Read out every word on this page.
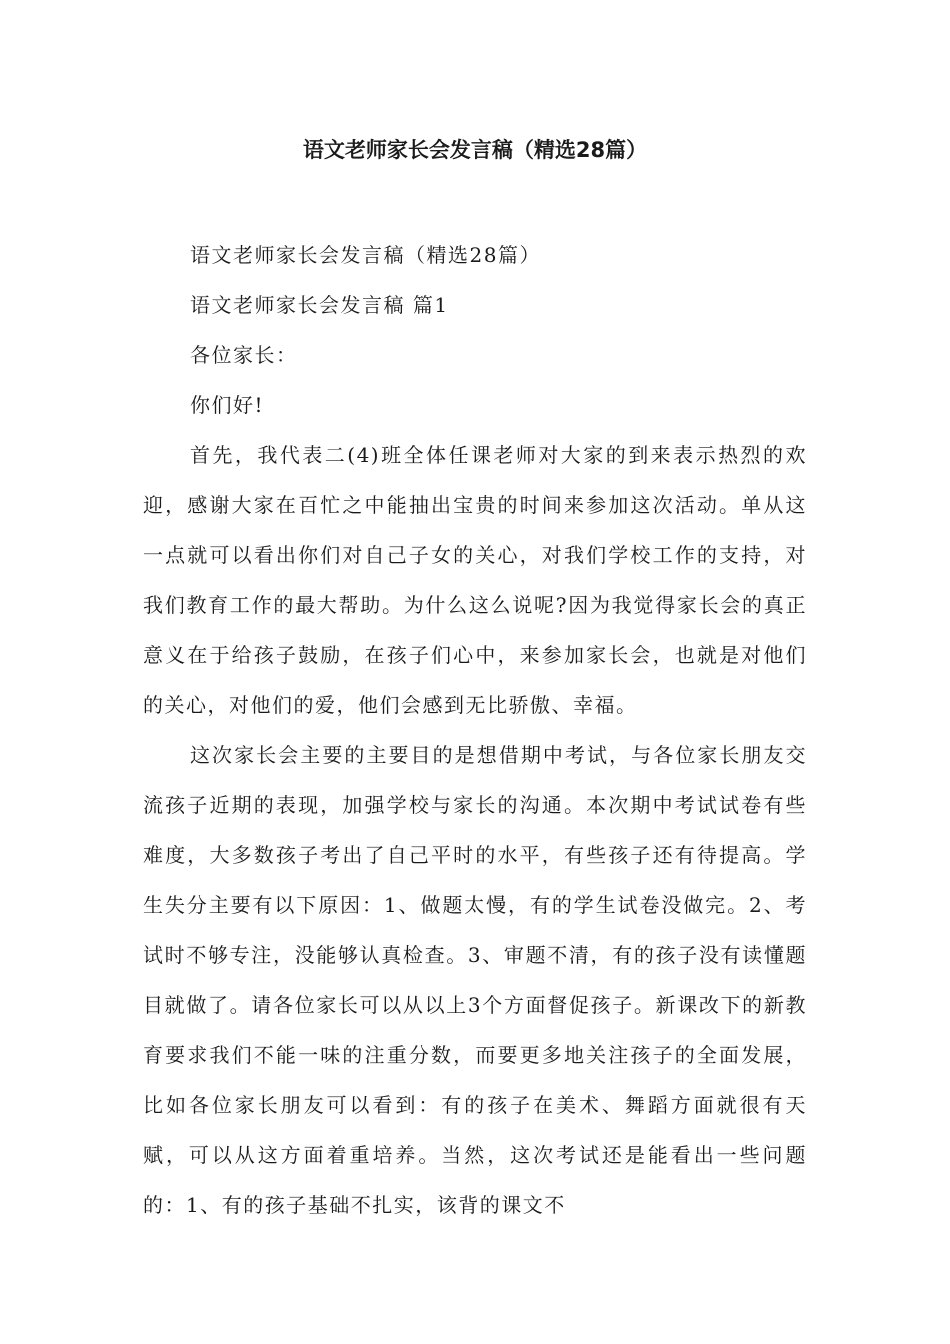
语文老师家长会发言稿（精选28篇）

语文老师家长会发言稿（精选28篇）

语文老师家长会发言稿 篇1

各位家长：

你们好!

首先，我代表二(4)班全体任课老师对大家的到来表示热烈的欢迎，感谢大家在百忙之中能抽出宝贵的时间来参加这次活动。单从这一点就可以看出你们对自己子女的关心，对我们学校工作的支持，对我们教育工作的最大帮助。为什么这么说呢?因为我觉得家长会的真正意义在于给孩子鼓励，在孩子们心中，来参加家长会，也就是对他们的关心，对他们的爱，他们会感到无比骄傲、幸福。

这次家长会主要的主要目的是想借期中考试，与各位家长朋友交流孩子近期的表现，加强学校与家长的沟通。本次期中考试试卷有些难度，大多数孩子考出了自己平时的水平，有些孩子还有待提高。学生失分主要有以下原因：1、做题太慢，有的学生试卷没做完。2、考试时不够专注，没能够认真检查。3、审题不清，有的孩子没有读懂题目就做了。请各位家长可以从以上3个方面督促孩子。新课改下的新教育要求我们不能一味的注重分数，而要更多地关注孩子的全面发展，比如各位家长朋友可以看到：有的孩子在美术、舞蹈方面就很有天赋，可以从这方面着重培养。当然，这次考试还是能看出一些问题的：1、有的孩子基础不扎实，该背的课文不
